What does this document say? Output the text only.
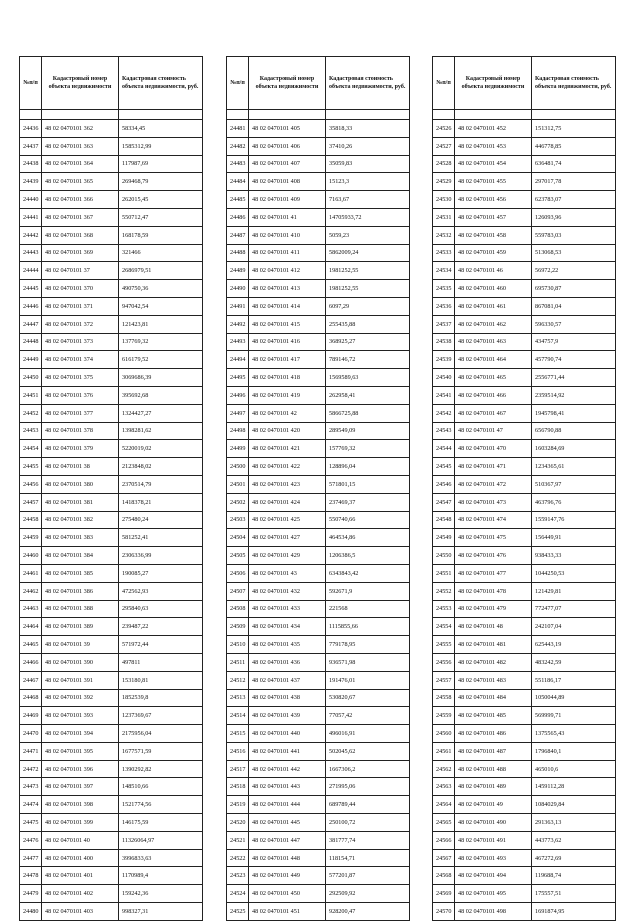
№п/п	Кадастровый номер объекта недвижимости	Кадастровая стоимость объекта недвижимости, руб.

24436	48 02 0470101 362	58334,45
24437	48 02 0470101 363	1585312,99
24438	48 02 0470101 364	117987,69
24439	48 02 0470101 365	269468,79
24440	48 02 0470101 366	262015,45
24441	48 02 0470101 367	550712,47
24442	48 02 0470101 368	168178,59
24443	48 02 0470101 369	321466
24444	48 02 0470101 37	2686979,51
24445	48 02 0470101 370	490750,36
24446	48 02 0470101 371	947042,54
24447	48 02 0470101 372	121423,81
24448	48 02 0470101 373	137769,32
24449	48 02 0470101 374	616179,52
24450	48 02 0470101 375	3069686,39
24451	48 02 0470101 376	395692,68
24452	48 02 0470101 377	1324427,27
24453	48 02 0470101 378	1398281,62
24454	48 02 0470101 379	5220019,02
24455	48 02 0470101 38	2123848,02
24456	48 02 0470101 380	2370514,79
24457	48 02 0470101 381	1418378,21
24458	48 02 0470101 382	275480,24
24459	48 02 0470101 383	581252,41
24460	48 02 0470101 384	2306336,99
24461	48 02 0470101 385	190085,27
24462	48 02 0470101 386	472562,93
24463	48 02 0470101 388	295840,63
24464	48 02 0470101 389	239487,22
24465	48 02 0470101 39	571972,44
24466	48 02 0470101 390	497811
24467	48 02 0470101 391	153180,81
24468	48 02 0470101 392	1852539,8
24469	48 02 0470101 393	1237369,67
24470	48 02 0470101 394	2175956,04
24471	48 02 0470101 395	1677571,59
24472	48 02 0470101 396	1390292,82
24473	48 02 0470101 397	148510,66
24474	48 02 0470101 398	1521774,56
24475	48 02 0470101 399	146175,59
24476	48 02 0470101 40	11326064,97
24477	48 02 0470101 400	3996833,63
24478	48 02 0470101 401	1170989,4
24479	48 02 0470101 402	159242,36
24480	48 02 0470101 403	998327,31
№п/п	Кадастровый номер объекта недвижимости	Кадастровая стоимость объекта недвижимости, руб.

24481	48 02 0470101 405	35818,33
24482	48 02 0470101 406	37410,26
24483	48 02 0470101 407	35059,83
24484	48 02 0470101 408	15123,3
24485	48 02 0470101 409	7163,67
24486	48 02 0470101 41	14705933,72
24487	48 02 0470101 410	5059,23
24488	48 02 0470101 411	5862009,24
24489	48 02 0470101 412	1981252,55
24490	48 02 0470101 413	1981252,55
24491	48 02 0470101 414	6097,29
24492	48 02 0470101 415	255435,88
24493	48 02 0470101 416	368925,27
24494	48 02 0470101 417	789146,72
24495	48 02 0470101 418	1569589,63
24496	48 02 0470101 419	262958,41
24497	48 02 0470101 42	5866725,88
24498	48 02 0470101 420	289549,09
24499	48 02 0470101 421	157769,32
24500	48 02 0470101 422	128896,04
24501	48 02 0470101 423	571801,15
24502	48 02 0470101 424	237469,37
24503	48 02 0470101 425	550740,66
24504	48 02 0470101 427	464534,86
24505	48 02 0470101 429	1206386,5
24506	48 02 0470101 43	6343843,42
24507	48 02 0470101 432	592671,9
24508	48 02 0470101 433	221568
24509	48 02 0470101 434	1115855,66
24510	48 02 0470101 435	779178,95
24511	48 02 0470101 436	936571,98
24512	48 02 0470101 437	191476,01
24513	48 02 0470101 438	530820,67
24514	48 02 0470101 439	77057,42
24515	48 02 0470101 440	496016,91
24516	48 02 0470101 441	502045,62
24517	48 02 0470101 442	1667306,2
24518	48 02 0470101 443	271995,06
24519	48 02 0470101 444	689789,44
24520	48 02 0470101 445	250100,72
24521	48 02 0470101 447	381777,74
24522	48 02 0470101 448	118154,71
24523	48 02 0470101 449	577201,87
24524	48 02 0470101 450	292509,92
24525	48 02 0470101 451	928200,47
№п/п	Кадастровый номер объекта недвижимости	Кадастровая стоимость объекта недвижимости, руб.

24526	48 02 0470101 452	151312,75
24527	48 02 0470101 453	446778,85
24528	48 02 0470101 454	636481,74
24529	48 02 0470101 455	297017,78
24530	48 02 0470101 456	623783,07
24531	48 02 0470101 457	126093,96
24532	48 02 0470101 458	559783,03
24533	48 02 0470101 459	513068,53
24534	48 02 0470101 46	56972,22
24535	48 02 0470101 460	695730,87
24536	48 02 0470101 461	867081,04
24537	48 02 0470101 462	596330,57
24538	48 02 0470101 463	434757,9
24539	48 02 0470101 464	457790,74
24540	48 02 0470101 465	2556771,44
24541	48 02 0470101 466	2359514,92
24542	48 02 0470101 467	1945798,41
24543	48 02 0470101 47	656790,88
24544	48 02 0470101 470	1603284,69
24545	48 02 0470101 471	1234365,61
24546	48 02 0470101 472	510367,97
24547	48 02 0470101 473	463796,76
24548	48 02 0470101 474	1559147,76
24549	48 02 0470101 475	156449,91
24550	48 02 0470101 476	938433,33
24551	48 02 0470101 477	1044250,53
24552	48 02 0470101 478	121429,81
24553	48 02 0470101 479	772477,07
24554	48 02 0470101 48	242107,04
24555	48 02 0470101 481	625443,19
24556	48 02 0470101 482	483242,59
24557	48 02 0470101 483	551186,17
24558	48 02 0470101 484	1050044,89
24559	48 02 0470101 485	569999,71
24560	48 02 0470101 486	1375565,43
24561	48 02 0470101 487	1796840,1
24562	48 02 0470101 488	465010,6
24563	48 02 0470101 489	1459112,28
24564	48 02 0470101 49	1084029,84
24565	48 02 0470101 490	291363,13
24566	48 02 0470101 491	443773,62
24567	48 02 0470101 493	467272,69
24568	48 02 0470101 494	119688,74
24569	48 02 0470101 495	175557,51
24570	48 02 0470101 498	1691874,95
